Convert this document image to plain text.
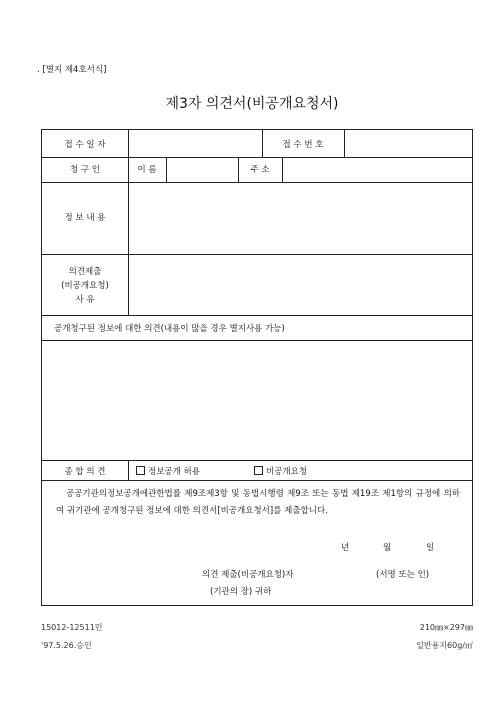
. [별지 제4호서식]
제3자 의견서(비공개요청서)
접 수 일 자	접 수 번 호
청 구 인	이 름	주 소
정 보 내 용
의견제출
(비공개요청)
사 유
공개청구된 정보에 대한 의견(내용이 많을 경우 별지사용 가능)
종 합 의 견	정보공개 허용	비공개요청
공공기관의정보공개에관한법률 제9조제3항 및 동법시행령 제9조 또는 동법 제19조 제1항의 규정에 의하여 귀기관에 공개청구된 정보에 대한 의견서[비공개요청서]를 제출합니다.
년	월	일
의견 제출(비공개요청)자	(서명 또는 인)
(기관의 장) 귀하
15012-12511민
'97.5.26.승인
210㎜×297㎜
일반용지60g/㎡
